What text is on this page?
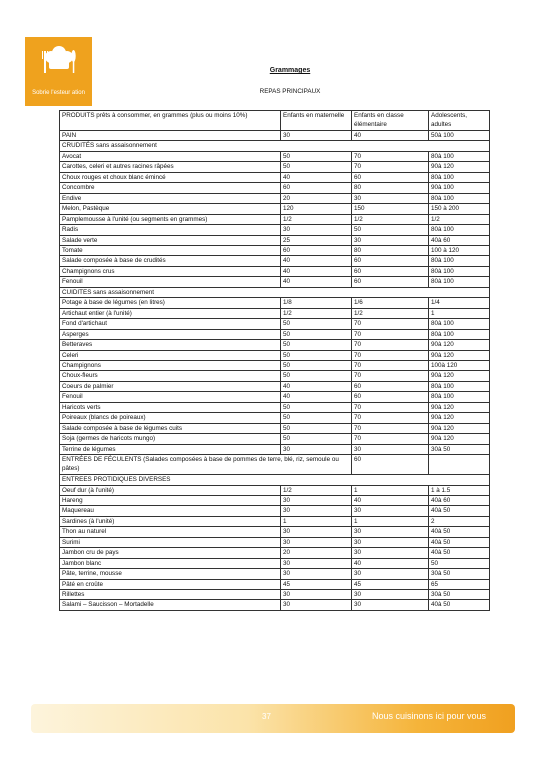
Sobrie l'esteur ation
Grammages
REPAS PRINCIPAUX
PRODUITS prêts à consommer, en grammes (plus ou moins 10%)	Enfants en maternelle	Enfants en classe élémentaire	Adolescents, adultes
PAIN	30	40	50à 100
CRUDITÉS sans assaisonnement			
Avocat	50	70	80à 100
Carottes, celeri et autres racines râpées	50	70	90à 120
Choux rouges et choux blanc émincé	40	60	80à 100
Concombre	60	80	90à 100
Endive	20	30	80à 100
Melon, Pastèque	120	150	150 à 200
Pamplemousse à l'unité (ou segments en grammes)	1/2	1/2	1/2
Radis	30	50	80à 100
Salade verte	25	30	40à 60
Tomate	60	80	100 à 120
Salade composée à base de crudités	40	60	80à 100
Champignons crus	40	60	80à 100
Fenouil	40	60	80à 100
CUIDITES sans assaisonnement			
Potage à base de légumes (en litres)	1/8	1/6	1/4
Artichaut entier (à l'unité)	1/2	1/2	1
Fond d'artichaut	50	70	80à 100
Asperges	50	70	80à 100
Betteraves	50	70	90à 120
Celeri	50	70	90à 120
Champignons	50	70	100à 120
Choux-fleurs	50	70	90à 120
Coeurs de palmier	40	60	80à 100
Fenouil	40	60	80à 100
Haricots verts	50	70	90à 120
Poireaux (blancs de poireaux)	50	70	90à 120
Salade composée à base de légumes cuits	50	70	90à 120
Soja (germes de haricots mungo)	50	70	90à 120
Terrine de légumes	30	30	30à 50
ENTRÉES DE FÉCULENTS (Salades composées à base de pommes de terre, blé, riz, semoule ou pâtes)		60	
ENTREES PROTIDIQUES DIVERSES			
Oeuf dur (à l'unité)	1/2	1	1 à 1.5
Hareng	30	40	40à 60
Maquereau	30	30	40à 50
Sardines (à l'unité)	1	1	2
Thon au naturel	30	30	40à 50
Surimi	30	30	40à 50
Jambon cru de pays	20	30	40à 50
Jambon blanc	30	40	50
Pâte, terrine, mousse	30	30	30à 50
Pâté en croûte	45	45	65
Rillettes	30	30	30à 50
Salami – Saucisson – Mortadelle	30	30	40à 50
37	Nous cuisinons ici pour vous
